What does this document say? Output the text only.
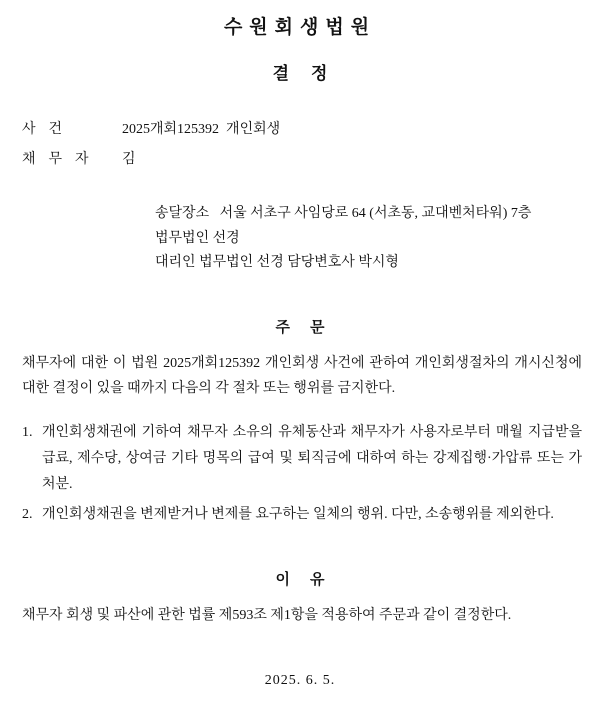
수원회생법원
결정
사건	2025개회125392  개인회생
채무자	김
송달장소   서울 서초구 사임당로 64 (서초동, 교대벤처타워) 7층
법무법인 선경
대리인 법무법인 선경 담당변호사 박시형
주문

채무자에 대한 이 법원 2025개회125392 개인회생 사건에 관하여 개인회생절차의 개시신청에 대한 결정이 있을 때까지 다음의 각 절차 또는 행위를 금지한다.

1. 개인회생채권에 기하여 채무자 소유의 유체동산과 채무자가 사용자로부터 매월 지급받을 급료, 제수당, 상여금 기타 명목의 급여 및 퇴직금에 대하여 하는 강제집행·가압류 또는 가처분.
2. 개인회생채권을 변제받거나 변제를 요구하는 일체의 행위. 다만, 소송행위를 제외한다.
이유

채무자 회생 및 파산에 관한 법률 제593조 제1항을 적용하여 주문과 같이 결정한다.

2025. 6. 5.
